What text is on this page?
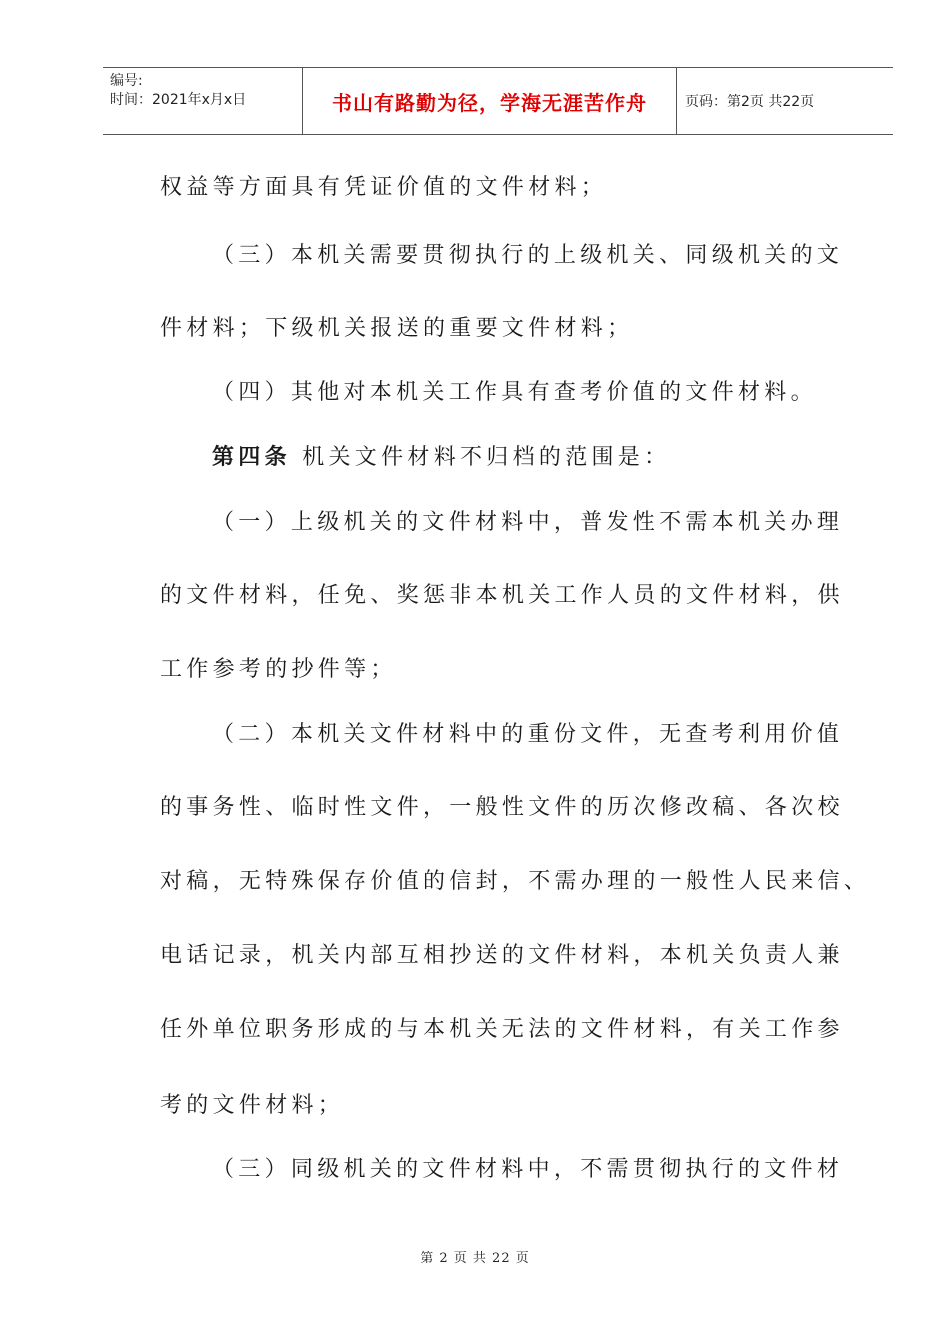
编号:
时间：2021年x月x日	书山有路勤为径，学海无涯苦作舟	页码：第2页 共22页
权益等方面具有凭证价值的文件材料；
（三）本机关需要贯彻执行的上级机关、同级机关的文
件材料；下级机关报送的重要文件材料；
（四）其他对本机关工作具有查考价值的文件材料。
第四条 机关文件材料不归档的范围是：
（一）上级机关的文件材料中，普发性不需本机关办理
的文件材料，任免、奖惩非本机关工作人员的文件材料，供
工作参考的抄件等；
（二）本机关文件材料中的重份文件，无查考利用价值
的事务性、临时性文件，一般性文件的历次修改稿、各次校
对稿，无特殊保存价值的信封，不需办理的一般性人民来信、
电话记录，机关内部互相抄送的文件材料，本机关负责人兼
任外单位职务形成的与本机关无法的文件材料，有关工作参
考的文件材料；
（三）同级机关的文件材料中，不需贯彻执行的文件材
第 2 页 共 22 页
